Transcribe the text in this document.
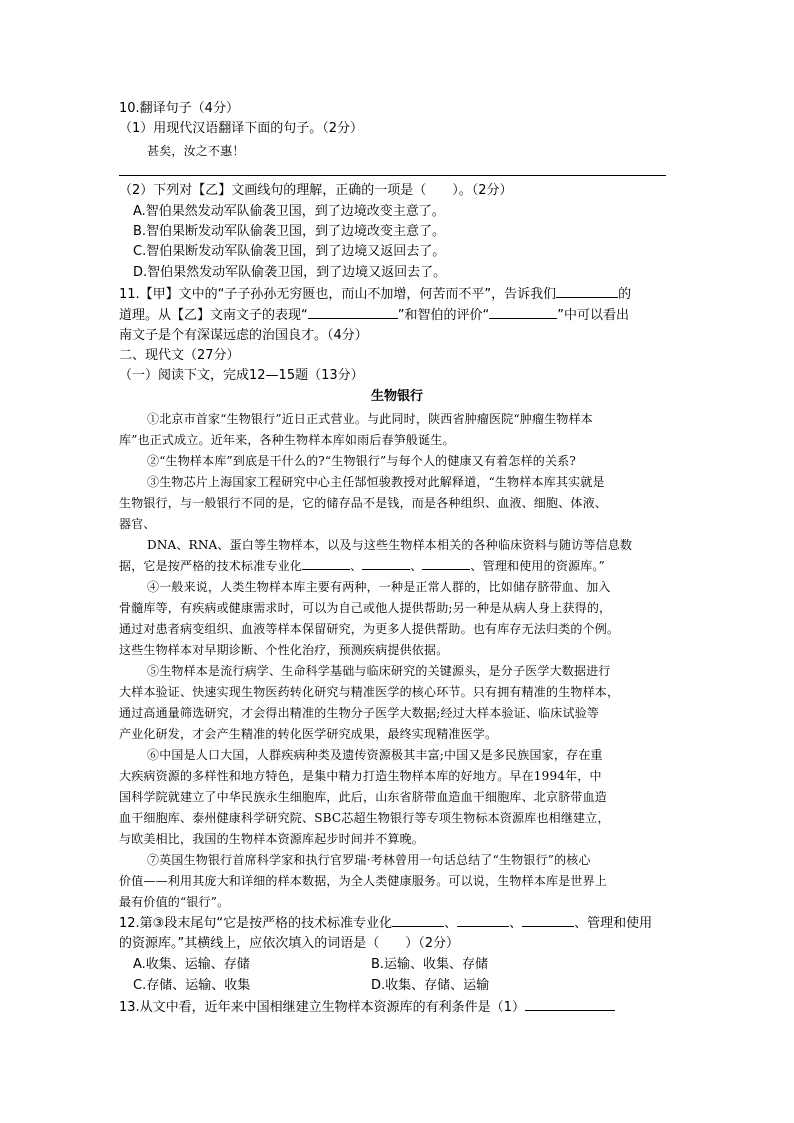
10.翻译句子（4分）
（1）用现代汉语翻译下面的句子。（2分）
甚矣，汝之不惠！
（2）下列对【乙】文画线句的理解，正确的一项是（　　）。（2分）
A.智伯果然发动军队偷袭卫国，到了边境改变主意了。
B.智伯果断发动军队偷袭卫国，到了边境改变主意了。
C.智伯果断发动军队偷袭卫国，到了边境又返回去了。
D.智伯果然发动军队偷袭卫国，到了边境又返回去了。
11.【甲】文中的“子子孙孙无穷匮也，而山不加增，何苦而不平”，告诉我们	的
道理。从【乙】文南文子的表现“	”和智伯的评价“	”中可以看出
南文子是个有深谋远虑的治国良才。（4分）
二、现代文（27分）
（一）阅读下文，完成12—15题（13分）
生物银行
①北京市首家“生物银行”近日正式营业。与此同时，陕西省肿瘤医院“肿瘤生物样本
库”也正式成立。近年来，各种生物样本库如雨后春笋般诞生。
②“生物样本库”到底是干什么的?“生物银行”与每个人的健康又有着怎样的关系?
③生物芯片上海国家工程研究中心主任郜恒骏教授对此解释道，“生物样本库其实就是
生物银行，与一般银行不同的是，它的储存品不是钱，而是各种组织、血液、细胞、体液、
器官、
DNA、RNA、蛋白等生物样本，以及与这些生物样本相关的各种临床资料与随访等信息数
据，它是按严格的技术标准专业化	、	、	、管理和使用的资源库。”
④一般来说，人类生物样本库主要有两种，一种是正常人群的，比如储存脐带血、加入
骨髓库等，有疾病或健康需求时，可以为自己或他人提供帮助;另一种是从病人身上获得的，
通过对患者病变组织、血液等样本保留研究，为更多人提供帮助。也有库存无法归类的个例。
这些生物样本对早期诊断、个性化治疗，预测疾病提供依据。
⑤生物样本是流行病学、生命科学基础与临床研究的关键源头，是分子医学大数据进行
大样本验证、快速实现生物医药转化研究与精准医学的核心环节。只有拥有精准的生物样本，
通过高通量筛选研究，才会得出精准的生物分子医学大数据;经过大样本验证、临床试验等
产业化研发，才会产生精准的转化医学研究成果，最终实现精准医学。
⑥中国是人口大国，人群疾病种类及遗传资源极其丰富;中国又是多民族国家，存在重
大疾病资源的多样性和地方特色，是集中精力打造生物样本库的好地方。早在1994年，中
国科学院就建立了中华民族永生细胞库，此后，山东省脐带血造血干细胞库、北京脐带血造
血干细胞库、泰州健康科学研究院、SBC芯超生物银行等专项生物标本资源库也相继建立，
与欧美相比，我国的生物样本资源库起步时间并不算晚。
⑦英国生物银行首席科学家和执行官罗瑞·考林曾用一句话总结了“生物银行”的核心
价值——利用其庞大和详细的样本数据，为全人类健康服务。可以说，生物样本库是世界上
最有价值的“银行”。
12.第③段末尾句“它是按严格的技术标准专业化	、	、	、管理和使用
的资源库。”其横线上，应依次填入的词语是（　　）（2分）
A.收集、运输、存储	B.运输、收集、存储
C.存储、运输、收集	D.收集、存储、运输
13.从文中看，近年来中国相继建立生物样本资源库的有利条件是（1）
